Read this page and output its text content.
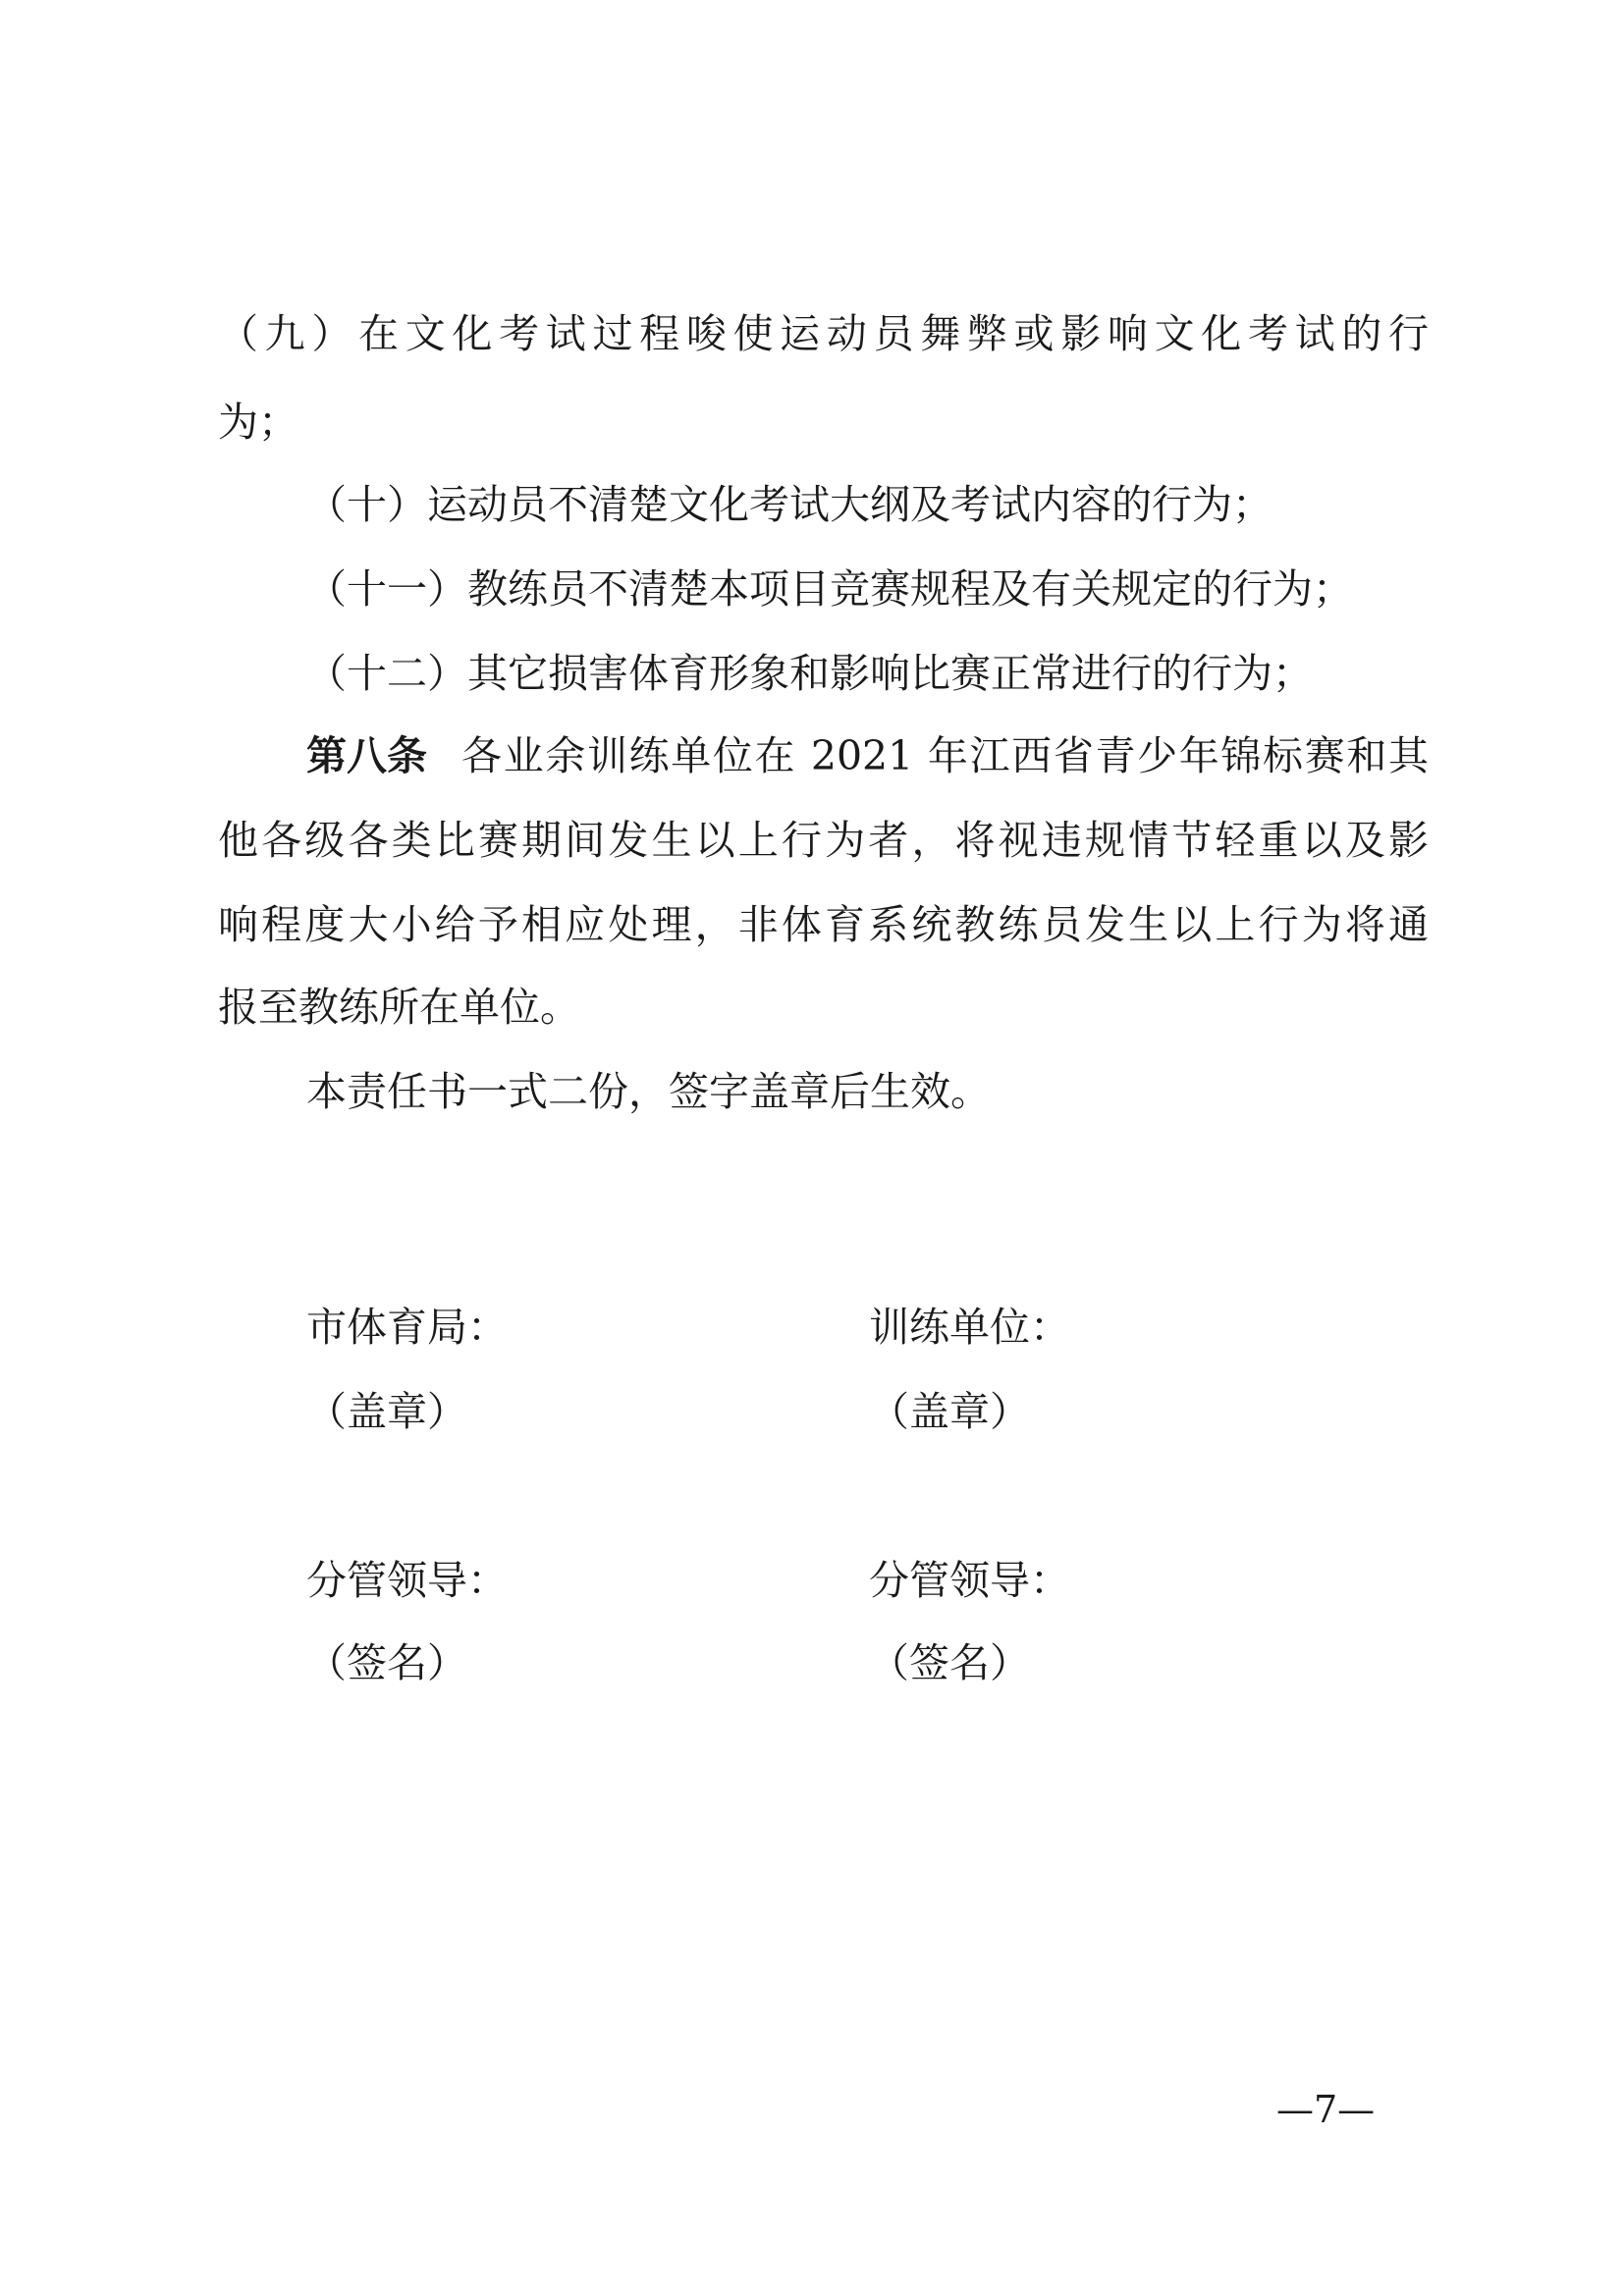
（九）在文化考试过程唆使运动员舞弊或影响文化考试的行
为；
（十）运动员不清楚文化考试大纲及考试内容的行为；
（十一）教练员不清楚本项目竞赛规程及有关规定的行为；
（十二）其它损害体育形象和影响比赛正常进行的行为；
第八条 各业余训练单位在 2021 年江西省青少年锦标赛和其
他各级各类比赛期间发生以上行为者，将视违规情节轻重以及影
响程度大小给予相应处理，非体育系统教练员发生以上行为将通
报至教练所在单位。
本责任书一式二份，签字盖章后生效。
市体育局：	训练单位：
（盖章）	（盖章）
分管领导：	分管领导：
（签名）	（签名）
—7—
